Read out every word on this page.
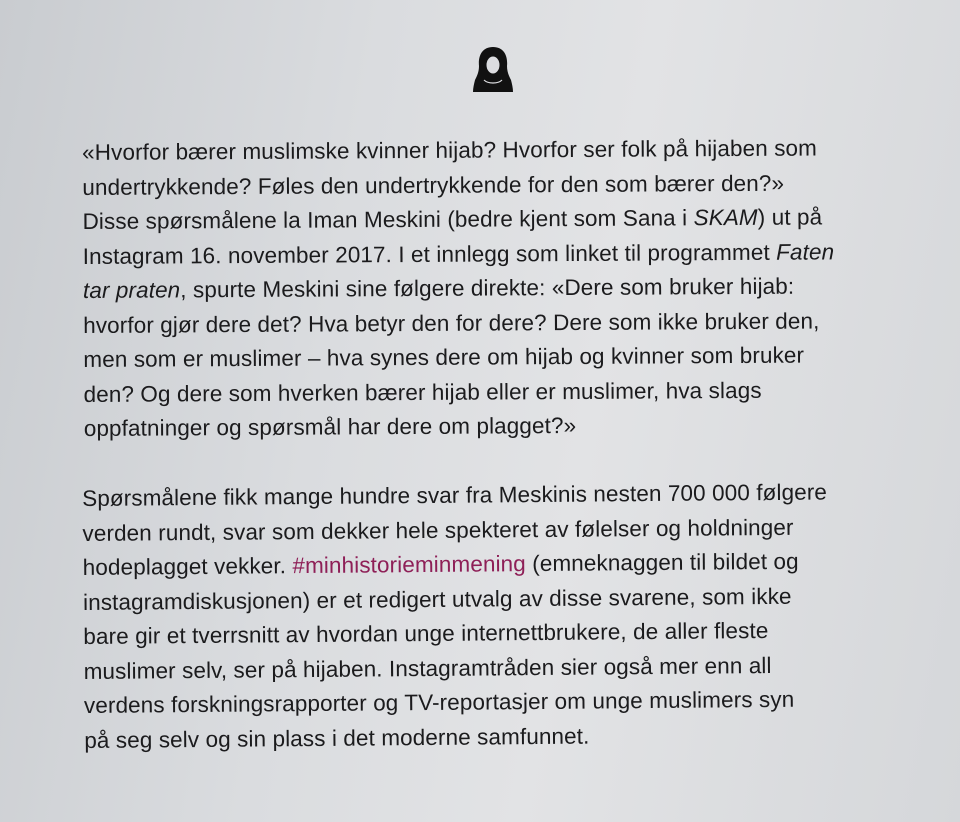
«Hvorfor bærer muslimske kvinner hijab? Hvorfor ser folk på hijaben som
undertrykkende? Føles den undertrykkende for den som bærer den?»
Disse spørsmålene la Iman Meskini (bedre kjent som Sana i SKAM) ut på
Instagram 16. november 2017. I et innlegg som linket til programmet Faten
tar praten, spurte Meskini sine følgere direkte: «Dere som bruker hijab:
hvorfor gjør dere det? Hva betyr den for dere? Dere som ikke bruker den,
men som er muslimer – hva synes dere om hijab og kvinner som bruker
den? Og dere som hverken bærer hijab eller er muslimer, hva slags
oppfatninger og spørsmål har dere om plagget?»
Spørsmålene fikk mange hundre svar fra Meskinis nesten 700 000 følgere
verden rundt, svar som dekker hele spekteret av følelser og holdninger
hodeplagget vekker. #minhistorieminmening (emneknaggen til bildet og
instagramdiskusjonen) er et redigert utvalg av disse svarene, som ikke
bare gir et tverrsnitt av hvordan unge internettbrukere, de aller fleste
muslimer selv, ser på hijaben. Instagramtråden sier også mer enn all
verdens forskningsrapporter og TV-reportasjer om unge muslimers syn
på seg selv og sin plass i det moderne samfunnet.
